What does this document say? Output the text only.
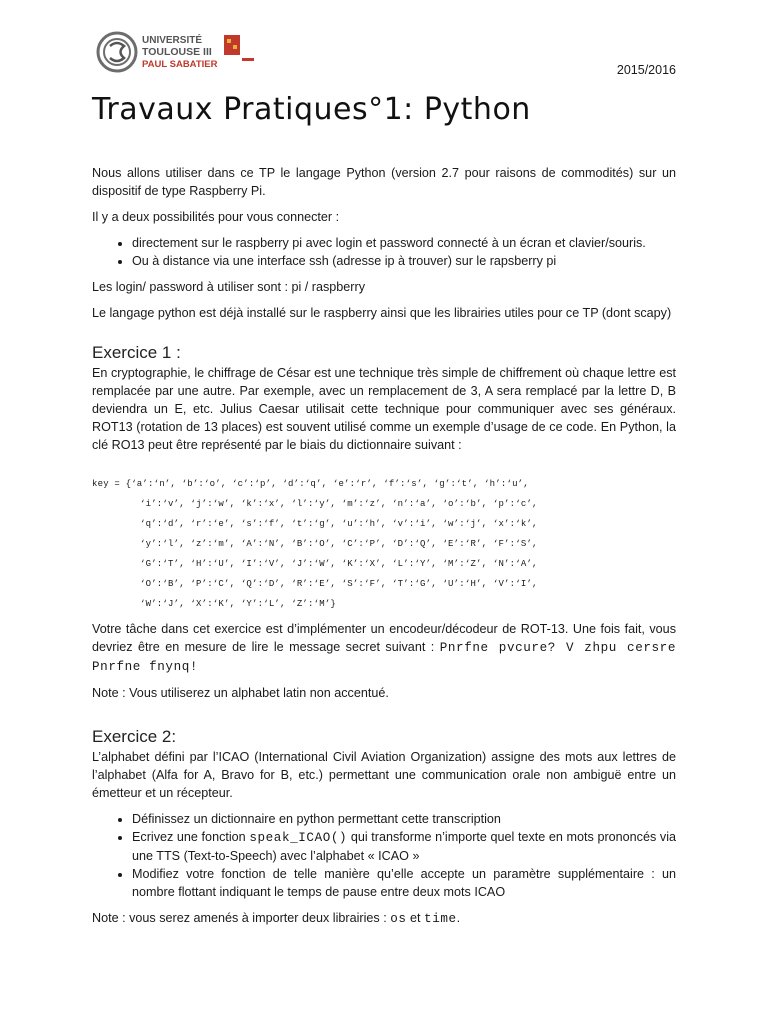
UNIVERSITÉ
TOULOUSE III
PAUL SABATIER	2015/2016
Travaux Pratiques°1: Python

Nous allons utiliser dans ce TP le langage Python (version 2.7 pour raisons de commodités) sur un dispositif de type Raspberry Pi.

Il y a deux possibilités pour vous connecter :

• directement sur le raspberry pi avec login et password connecté à un écran et clavier/souris.
• Ou à distance via une interface ssh (adresse ip à trouver) sur le rapsberry pi

Les login/ password à utiliser sont : pi / raspberry

Le langage python est déjà installé sur le raspberry ainsi que les librairies utiles pour ce TP (dont scapy)

Exercice 1 :

En cryptographie, le chiffrage de César est une technique très simple de chiffrement où chaque lettre est remplacée par une autre. Par exemple, avec un remplacement de 3, A sera remplacé par la lettre D, B deviendra un E, etc. Julius Caesar utilisait cette technique pour communiquer avec ses généraux. ROT13 (rotation de 13 places) est souvent utilisé comme un exemple d’usage de ce code. En Python, la clé RO13 peut être représenté par le biais du dictionnaire suivant :

key = {‘a’:‘n’, ‘b’:‘o’, ‘c’:‘p’, ‘d’:‘q’, ‘e’:‘r’, ‘f’:‘s’, ‘g’:‘t’, ‘h’:‘u’,
‘i’:‘v’, ‘j’:‘w’, ‘k’:‘x’, ‘l’:‘y’, ‘m’:‘z’, ‘n’:‘a’, ‘o’:‘b’, ‘p’:‘c’,
‘q’:‘d’, ‘r’:‘e’, ‘s’:‘f’, ‘t’:‘g’, ‘u’:‘h’, ‘v’:‘i’, ‘w’:‘j’, ‘x’:‘k’,
‘y’:‘l’, ‘z’:‘m’, ‘A’:‘N’, ‘B’:‘O’, ‘C’:‘P’, ‘D’:‘Q’, ‘E’:‘R’, ‘F’:‘S’,
‘G’:‘T’, ‘H’:‘U’, ‘I’:‘V’, ‘J’:‘W’, ‘K’:‘X’, ‘L’:‘Y’, ‘M’:‘Z’, ‘N’:‘A’,
‘O’:‘B’, ‘P’:‘C’, ‘Q’:‘D’, ‘R’:‘E’, ‘S’:‘F’, ‘T’:‘G’, ‘U’:‘H’, ‘V’:‘I’,
‘W’:‘J’, ‘X’:‘K’, ‘Y’:‘L’, ‘Z’:‘M’}

Votre tâche dans cet exercice est d’implémenter un encodeur/décodeur de ROT-13. Une fois fait, vous devriez être en mesure de lire le message secret suivant : Pnrfne pvcure? V zhpu cersre Pnrfne fnynq!

Note : Vous utiliserez un alphabet latin non accentué.

Exercice 2:

L’alphabet défini par l’ICAO (International Civil Aviation Organization) assigne des mots aux lettres de l’alphabet (Alfa for A, Bravo for B, etc.) permettant une communication orale non ambiguë entre un émetteur et un récepteur.

• Définissez un dictionnaire en python permettant cette transcription
• Ecrivez une fonction speak_ICAO() qui transforme n’importe quel texte en mots prononcés via une TTS (Text-to-Speech) avec l’alphabet « ICAO »
• Modifiez votre fonction de telle manière qu’elle accepte un paramètre supplémentaire : un nombre flottant indiquant le temps de pause entre deux mots ICAO

Note : vous serez amenés à importer deux librairies : os et time.
